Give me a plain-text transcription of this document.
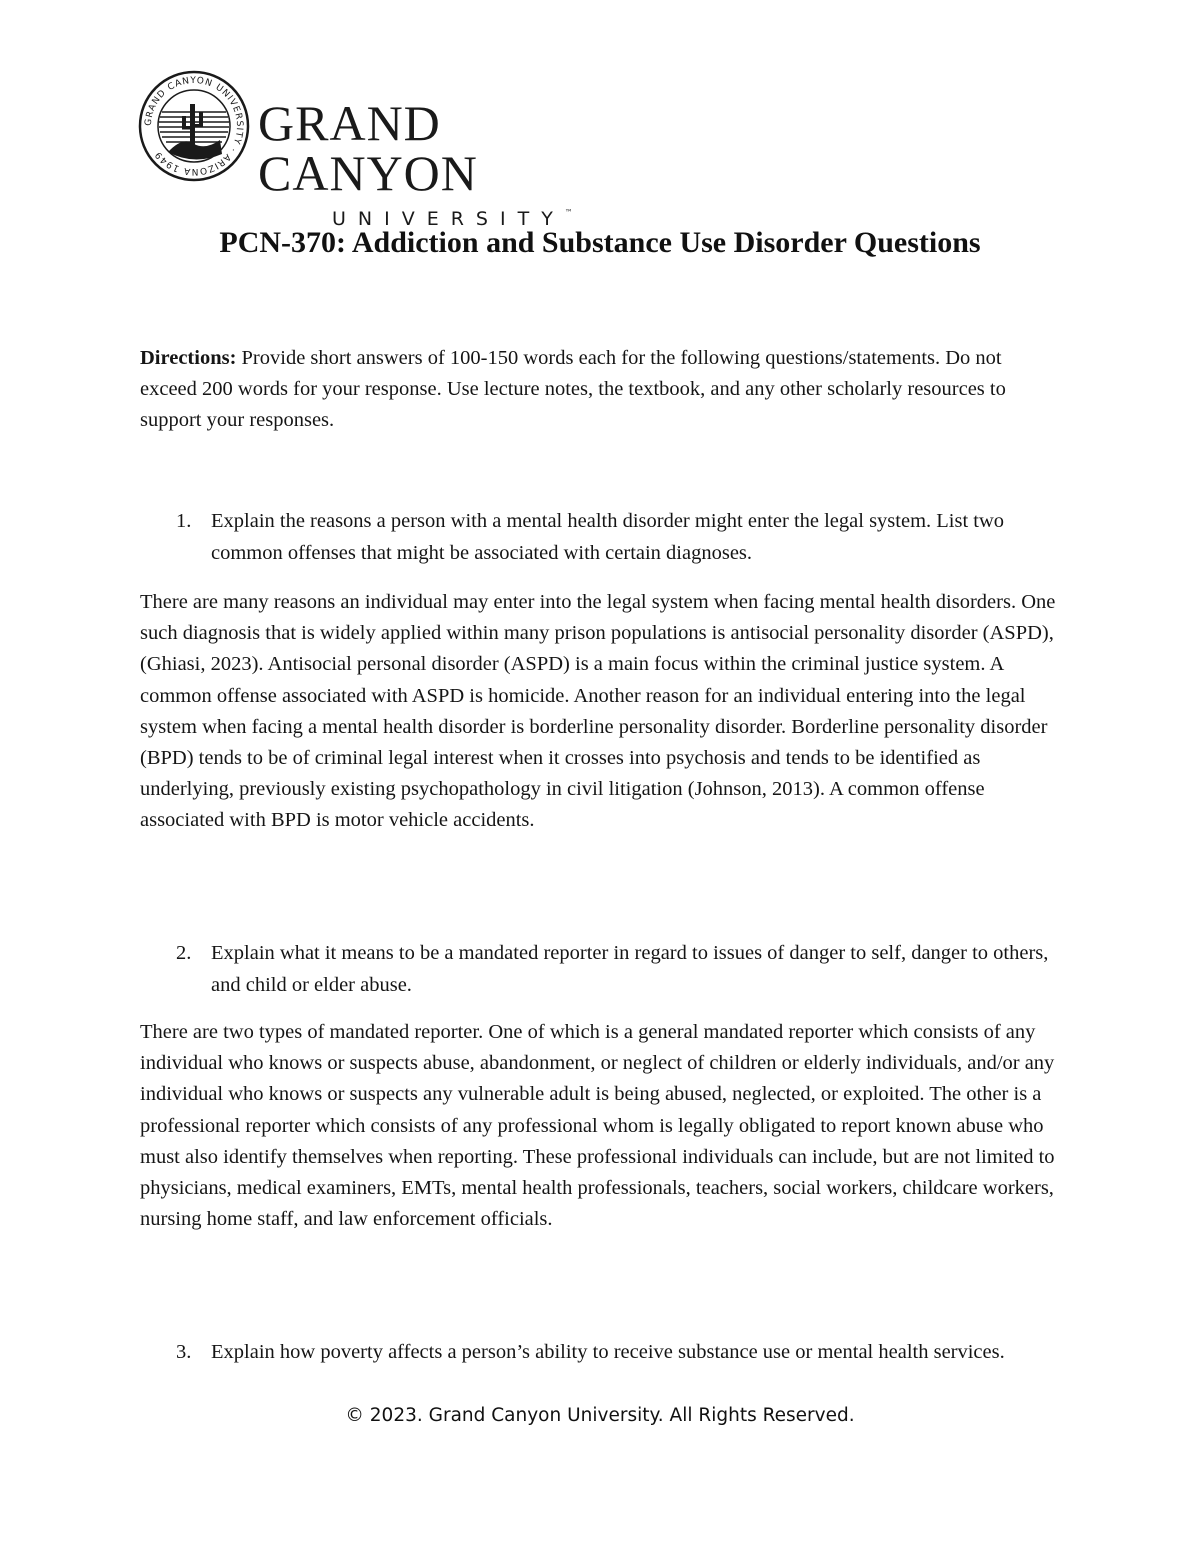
GRAND CANYON UNIVERSITY · ARIZONA 1949
GRAND CANYON
UNIVERSITY™
PCN-370: Addiction and Substance Use Disorder Questions
Directions: Provide short answers of 100-150 words each for the following questions/statements. Do not exceed 200 words for your response. Use lecture notes, the textbook, and any other scholarly resources to support your responses.
1. Explain the reasons a person with a mental health disorder might enter the legal system. List two common offenses that might be associated with certain diagnoses.
There are many reasons an individual may enter into the legal system when facing mental health disorders. One such diagnosis that is widely applied within many prison populations is antisocial personality disorder (ASPD), (Ghiasi, 2023). Antisocial personal disorder (ASPD) is a main focus within the criminal justice system. A common offense associated with ASPD is homicide. Another reason for an individual entering into the legal system when facing a mental health disorder is borderline personality disorder. Borderline personality disorder (BPD) tends to be of criminal legal interest when it crosses into psychosis and tends to be identified as underlying, previously existing psychopathology in civil litigation (Johnson, 2013). A common offense associated with BPD is motor vehicle accidents.
2. Explain what it means to be a mandated reporter in regard to issues of danger to self, danger to others, and child or elder abuse.
There are two types of mandated reporter. One of which is a general mandated reporter which consists of any individual who knows or suspects abuse, abandonment, or neglect of children or elderly individuals, and/or any individual who knows or suspects any vulnerable adult is being abused, neglected, or exploited. The other is a professional reporter which consists of any professional whom is legally obligated to report known abuse who must also identify themselves when reporting. These professional individuals can include, but are not limited to physicians, medical examiners, EMTs, mental health professionals, teachers, social workers, childcare workers, nursing home staff, and law enforcement officials.
3. Explain how poverty affects a person’s ability to receive substance use or mental health services.
© 2023. Grand Canyon University. All Rights Reserved.
